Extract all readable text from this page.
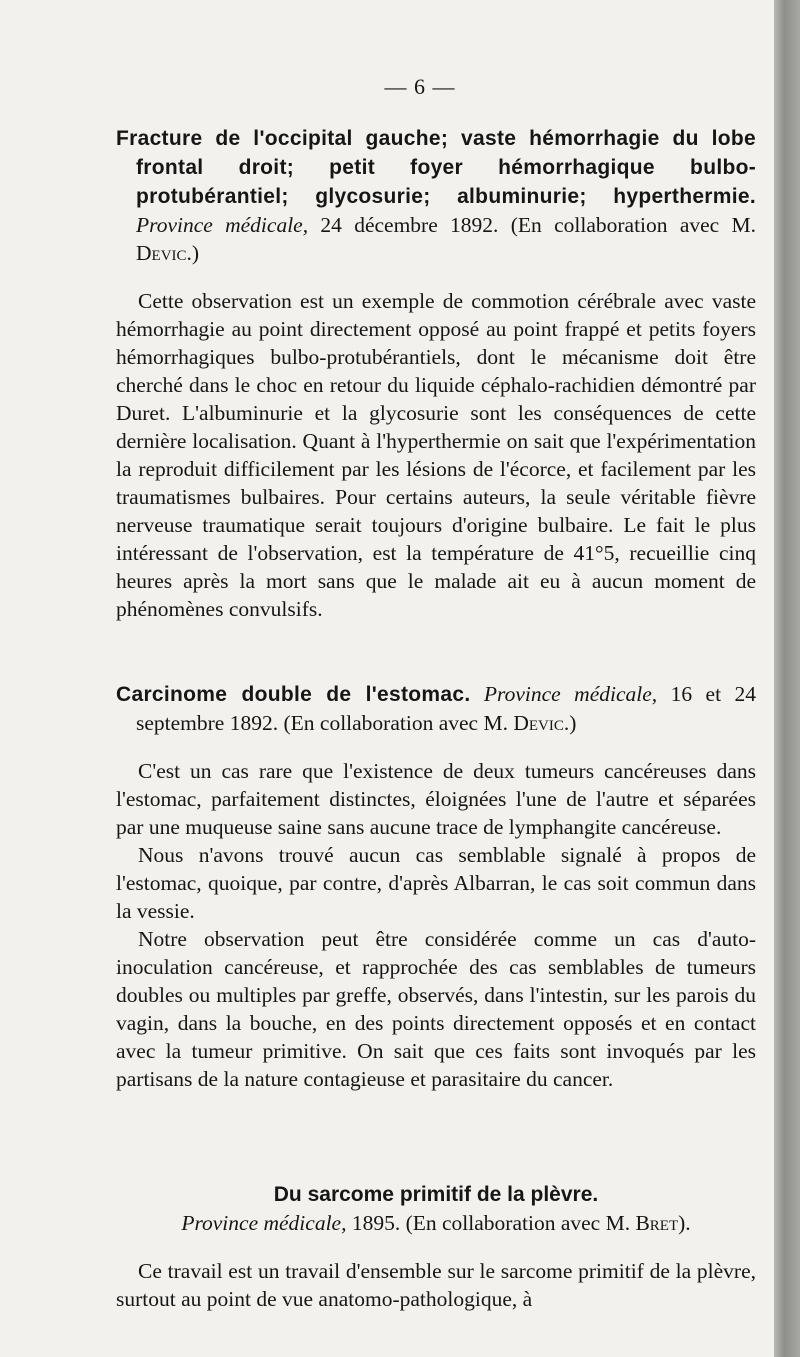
— 6 —
Fracture de l'occipital gauche; vaste hémorrhagie du lobe frontal droit; petit foyer hémorrhagique bulbo-protubérantiel; glycosurie; albuminurie; hyperthermie. Province médicale, 24 décembre 1892. (En collaboration avec M. Devic.)

Cette observation est un exemple de commotion cérébrale avec vaste hémorrhagie au point directement opposé au point frappé et petits foyers hémorrhagiques bulbo-protubérantiels, dont le mécanisme doit être cherché dans le choc en retour du liquide céphalo-rachidien démontré par Duret. L'albuminurie et la glycosurie sont les conséquences de cette dernière localisation. Quant à l'hyperthermie on sait que l'expérimentation la reproduit difficilement par les lésions de l'écorce, et facilement par les traumatismes bulbaires. Pour certains auteurs, la seule véritable fièvre nerveuse traumatique serait toujours d'origine bulbaire. Le fait le plus intéressant de l'observation, est la température de 41°5, recueillie cinq heures après la mort sans que le malade ait eu à aucun moment de phénomènes convulsifs.

Carcinome double de l'estomac. Province médicale, 16 et 24 septembre 1892. (En collaboration avec M. Devic.)

C'est un cas rare que l'existence de deux tumeurs cancéreuses dans l'estomac, parfaitement distinctes, éloignées l'une de l'autre et séparées par une muqueuse saine sans aucune trace de lymphangite cancéreuse.

Nous n'avons trouvé aucun cas semblable signalé à propos de l'estomac, quoique, par contre, d'après Albarran, le cas soit commun dans la vessie.

Notre observation peut être considérée comme un cas d'auto-inoculation cancéreuse, et rapprochée des cas semblables de tumeurs doubles ou multiples par greffe, observés, dans l'intestin, sur les parois du vagin, dans la bouche, en des points directement opposés et en contact avec la tumeur primitive. On sait que ces faits sont invoqués par les partisans de la nature contagieuse et parasitaire du cancer.

Du sarcome primitif de la plèvre.
Province médicale, 1895. (En collaboration avec M. Bret).

Ce travail est un travail d'ensemble sur le sarcome primitif de la plèvre, surtout au point de vue anatomo-pathologique, à
